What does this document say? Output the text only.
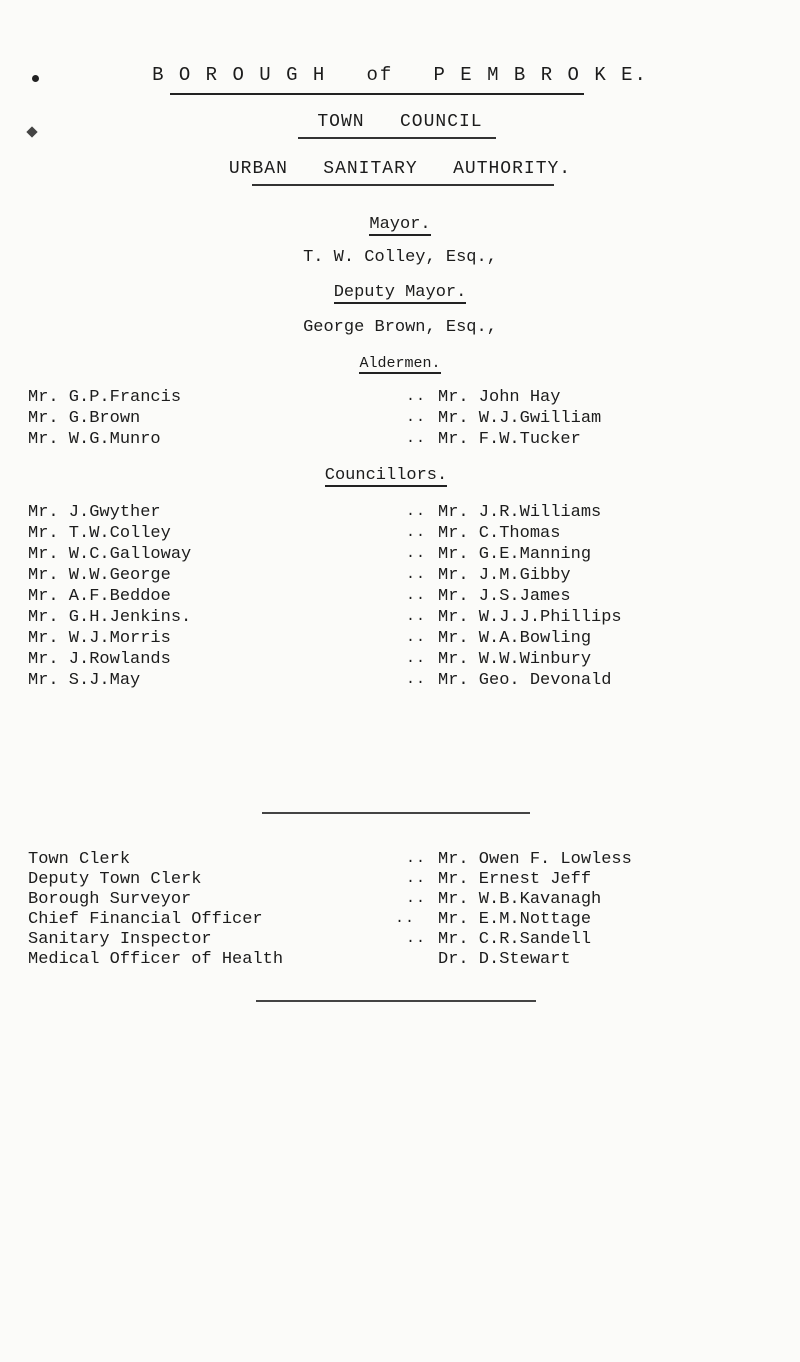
B O R O U G H   of   P E M B R O K E.
TOWN   COUNCIL
URBAN   SANITARY   AUTHORITY.
Mayor.
T. W. Colley, Esq.,
Deputy Mayor.
George Brown, Esq.,
Aldermen.
Mr. G.P.Francis
Mr. G.Brown
Mr. W.G.Munro
..
..
..
Mr. John Hay
Mr. W.J.Gwilliam
Mr. F.W.Tucker
Councillors.
Mr. J.Gwyther
Mr. T.W.Colley
Mr. W.C.Galloway
Mr. W.W.George
Mr. A.F.Beddoe
Mr. G.H.Jenkins.
Mr. W.J.Morris
Mr. J.Rowlands
Mr. S.J.May
..
..
..
..
..
..
..
..
..
Mr. J.R.Williams
Mr. C.Thomas
Mr. G.E.Manning
Mr. J.M.Gibby
Mr. J.S.James
Mr. W.J.J.Phillips
Mr. W.A.Bowling
Mr. W.W.Winbury
Mr. Geo. Devonald
Town Clerk
Deputy Town Clerk
Borough Surveyor
Chief Financial Officer
Sanitary Inspector
Medical Officer of Health
..
..
..
..
..
Mr. Owen F. Lowless
Mr. Ernest Jeff
Mr. W.B.Kavanagh
Mr. E.M.Nottage
Mr. C.R.Sandell
Dr. D.Stewart
